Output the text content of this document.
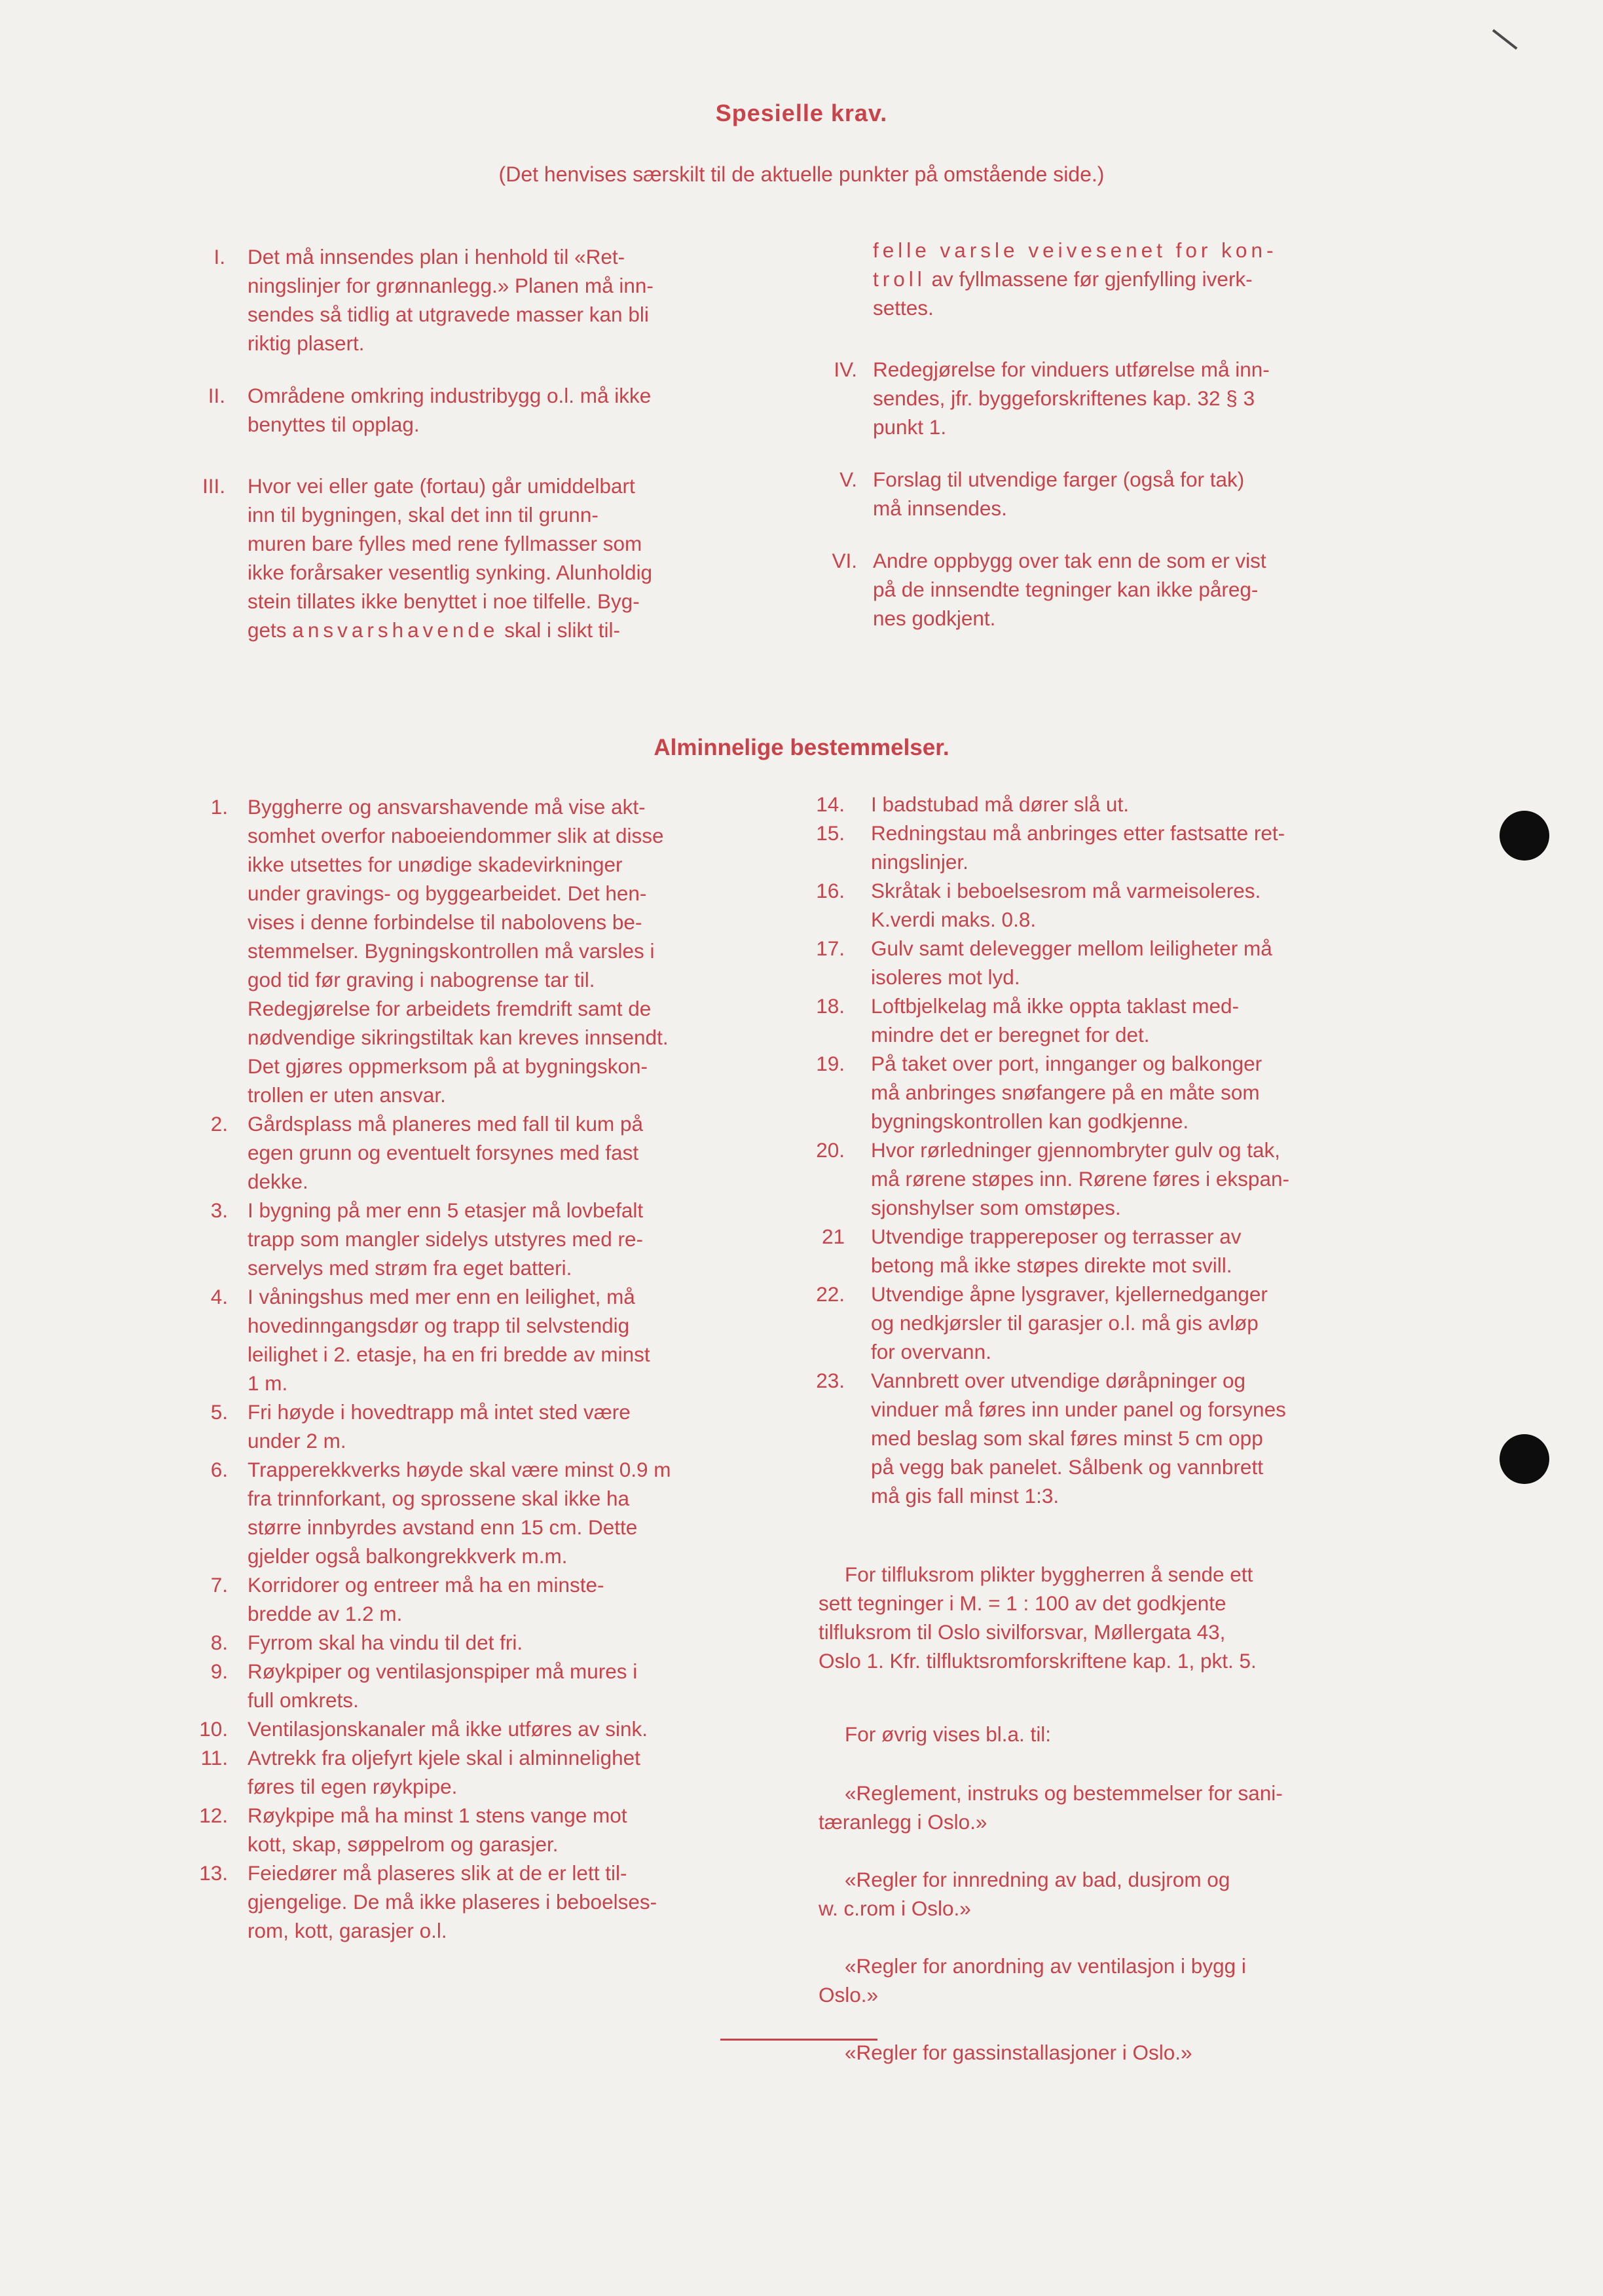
Spesielle krav.
(Det henvises særskilt til de aktuelle punkter på omstående side.)
I. Det må innsendes plan i henhold til «Ret-
ningslinjer for grønnanlegg.» Planen må inn-
sendes så tidlig at utgravede masser kan bli
riktig plasert.
II. Områdene omkring industribygg o.l. må ikke
benyttes til opplag.
III. Hvor vei eller gate (fortau) går umiddelbart
inn til bygningen, skal det inn til grunn-
muren bare fylles med rene fyllmasser som
ikke forårsaker vesentlig synking. Alunholdig
stein tillates ikke benyttet i noe tilfelle. Byg-
gets ansvarshavende skal i slikt til-
felle varsle veivesenet for kon-
troll av fyllmassene før gjenfylling iverk-
settes.
IV. Redegjørelse for vinduers utførelse må inn-
sendes, jfr. byggeforskriftenes kap. 32 § 3
punkt 1.
V. Forslag til utvendige farger (også for tak)
må innsendes.
VI. Andre oppbygg over tak enn de som er vist
på de innsendte tegninger kan ikke påreg-
nes godkjent.
Alminnelige bestemmelser.
1. Byggherre og ansvarshavende må vise akt-
somhet overfor naboeiendommer slik at disse
ikke utsettes for unødige skadevirkninger
under gravings- og byggearbeidet. Det hen-
vises i denne forbindelse til nabolovens be-
stemmelser. Bygningskontrollen må varsles i
god tid før graving i nabogrense tar til.
Redegjørelse for arbeidets fremdrift samt de
nødvendige sikringstiltak kan kreves innsendt.
Det gjøres oppmerksom på at bygningskon-
trollen er uten ansvar.
2. Gårdsplass må planeres med fall til kum på
egen grunn og eventuelt forsynes med fast
dekke.
3. I bygning på mer enn 5 etasjer må lovbefalt
trapp som mangler sidelys utstyres med re-
servelys med strøm fra eget batteri.
4. I våningshus med mer enn en leilighet, må
hovedinngangsdør og trapp til selvstendig
leilighet i 2. etasje, ha en fri bredde av minst
1 m.
5. Fri høyde i hovedtrapp må intet sted være
under 2 m.
6. Trapperekkverks høyde skal være minst 0.9 m
fra trinnforkant, og sprossene skal ikke ha
større innbyrdes avstand enn 15 cm. Dette
gjelder også balkongrekkverk m.m.
7. Korridorer og entreer må ha en minste-
bredde av 1.2 m.
8. Fyrrom skal ha vindu til det fri.
9. Røykpiper og ventilasjonspiper må mures i
full omkrets.
10. Ventilasjonskanaler må ikke utføres av sink.
11. Avtrekk fra oljefyrt kjele skal i alminnelighet
føres til egen røykpipe.
12. Røykpipe må ha minst 1 stens vange mot
kott, skap, søppelrom og garasjer.
13. Feiedører må plaseres slik at de er lett til-
gjengelige. De må ikke plaseres i beboelses-
rom, kott, garasjer o.l.
14. I badstubad må dører slå ut.
15. Redningstau må anbringes etter fastsatte ret-
ningslinjer.
16. Skråtak i beboelsesrom må varmeisoleres.
K.verdi maks. 0.8.
17. Gulv samt delevegger mellom leiligheter må
isoleres mot lyd.
18. Loftbjelkelag må ikke oppta taklast med-
mindre det er beregnet for det.
19. På taket over port, innganger og balkonger
må anbringes snøfangere på en måte som
bygningskontrollen kan godkjenne.
20. Hvor rørledninger gjennombryter gulv og tak,
må rørene støpes inn. Rørene føres i ekspan-
sjonshylser som omstøpes.
21 Utvendige trappereposer og terrasser av
betong må ikke støpes direkte mot svill.
22. Utvendige åpne lysgraver, kjellernedganger
og nedkjørsler til garasjer o.l. må gis avløp
for overvann.
23. Vannbrett over utvendige døråpninger og
vinduer må føres inn under panel og forsynes
med beslag som skal føres minst 5 cm opp
på vegg bak panelet. Sålbenk og vannbrett
må gis fall minst 1:3.
For tilfluksrom plikter byggherren å sende ett
sett tegninger i M. = 1 : 100 av det godkjente
tilfluksrom til Oslo sivilforsvar, Møllergata 43,
Oslo 1. Kfr. tilfluktsromforskriftene kap. 1, pkt. 5.
For øvrig vises bl.a. til:

«Reglement, instruks og bestemmelser for sani-
tæranlegg i Oslo.»

«Regler for innredning av bad, dusjrom og
w. c.rom i Oslo.»

«Regler for anordning av ventilasjon i bygg i
Oslo.»

«Regler for gassinstallasjoner i Oslo.»
